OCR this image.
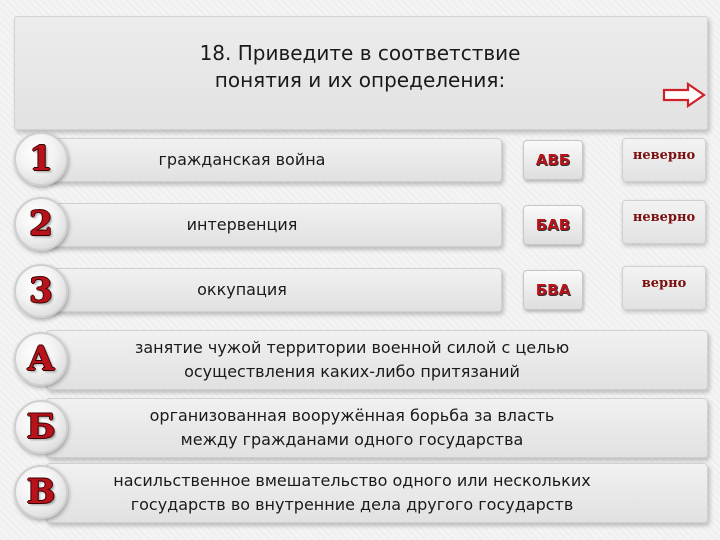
18. Приведите в соответствие
понятия и их определения:
гражданская война
1	АВБ	неверно
интервенция
2	БАВ	неверно
оккупация
3	БВА	верно
занятие чужой территории военной силой с целью
осуществления каких-либо притязаний
А
организованная вооружённая борьба за власть
между гражданами одного государства
Б
насильственное вмешательство одного или нескольких
государств во внутренние дела другого государств
В
